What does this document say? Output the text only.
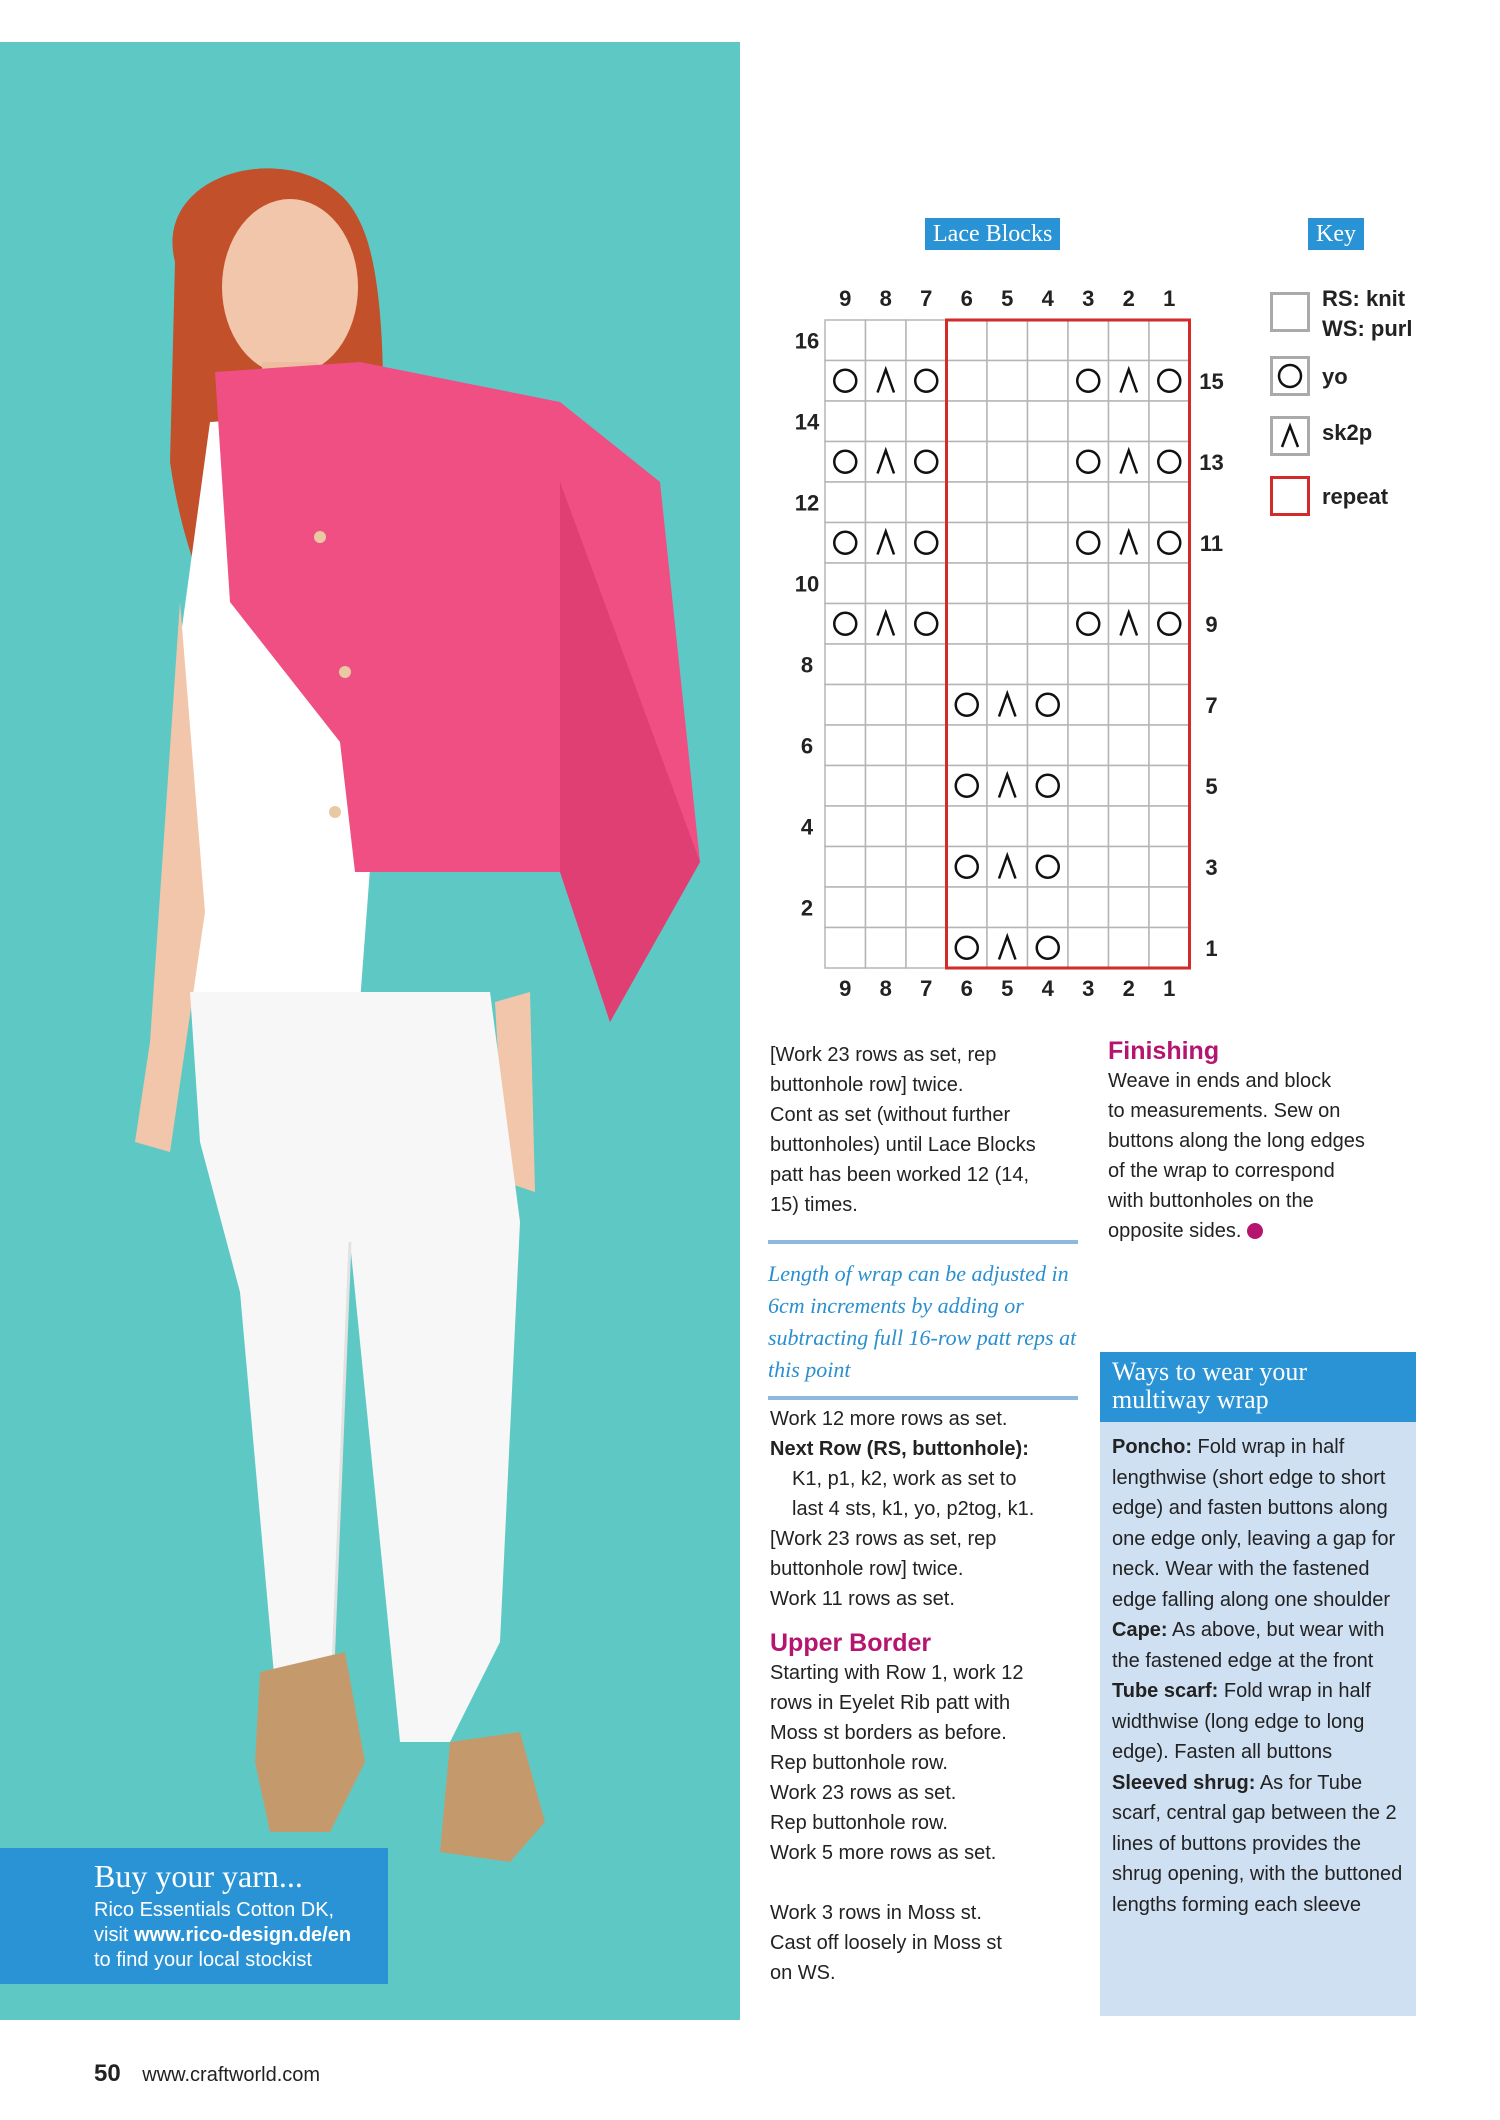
Buy your yarn...

Rico Essentials Cotton DK,
visit www.rico-design.de/en
to find your local stockist

Lace Blocks	Key
9 8 7 6 5 4 3 2 1
9 8 7 6 5 4 3 2 1
16
14
12
10
8
6
4
2
15
13
11
9
7
5
3
1
RS: knit
WS: purl
yo
sk2p
repeat

[Work 23 rows as set, rep

buttonhole row] twice.

Cont as set (without further

buttonholes) until Lace Blocks

patt has been worked 12 (14,

15) times.

Length of wrap can be adjusted in 6cm increments by adding or subtracting full 16-row patt reps at this point

Work 12 more rows as set.

Next Row (RS, buttonhole):

K1, p1, k2, work as set to

last 4 sts, k1, yo, p2tog, k1.

[Work 23 rows as set, rep

buttonhole row] twice.

Work 11 rows as set.

Upper Border

Starting with Row 1, work 12

rows in Eyelet Rib patt with

Moss st borders as before.

Rep buttonhole row.

Work 23 rows as set.

Rep buttonhole row.

Work 5 more rows as set.

Work 3 rows in Moss st.

Cast off loosely in Moss st

on WS.

Finishing

Weave in ends and block

to measurements. Sew on

buttons along the long edges

of the wrap to correspond

with buttonholes on the

opposite sides.

Ways to wear your multiway wrap

Poncho: Fold wrap in half lengthwise (short edge to short edge) and fasten buttons along one edge only, leaving a gap for neck. Wear with the fastened edge falling along one shoulder

Cape: As above, but wear with the fastened edge at the front

Tube scarf: Fold wrap in half widthwise (long edge to long edge). Fasten all buttons

Sleeved shrug: As for Tube scarf, central gap between the 2 lines of buttons provides the shrug opening, with the buttoned lengths forming each sleeve

50 www.craftworld.com
